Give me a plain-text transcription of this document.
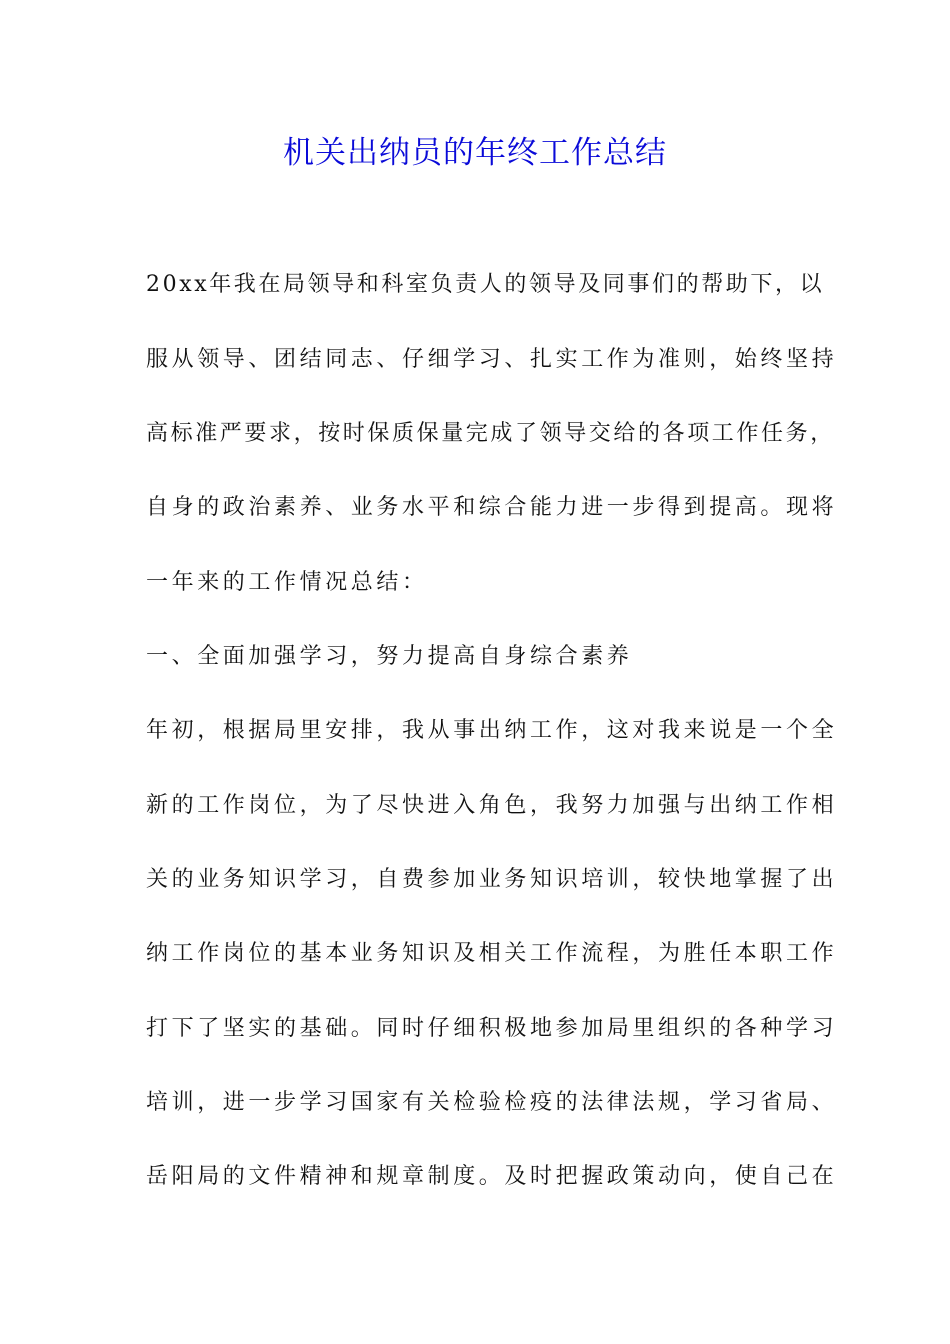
机关出纳员的年终工作总结
20xx年我在局领导和科室负责人的领导及同事们的帮助下，以
服从领导、团结同志、仔细学习、扎实工作为准则，始终坚持
高标准严要求，按时保质保量完成了领导交给的各项工作任务，
自身的政治素养、业务水平和综合能力进一步得到提高。现将
一年来的工作情况总结：
一、全面加强学习，努力提高自身综合素养
年初，根据局里安排，我从事出纳工作，这对我来说是一个全
新的工作岗位，为了尽快进入角色，我努力加强与出纳工作相
关的业务知识学习，自费参加业务知识培训，较快地掌握了出
纳工作岗位的基本业务知识及相关工作流程，为胜任本职工作
打下了坚实的基础。同时仔细积极地参加局里组织的各种学习
培训，进一步学习国家有关检验检疫的法律法规，学习省局、
岳阳局的文件精神和规章制度。及时把握政策动向，使自己在
